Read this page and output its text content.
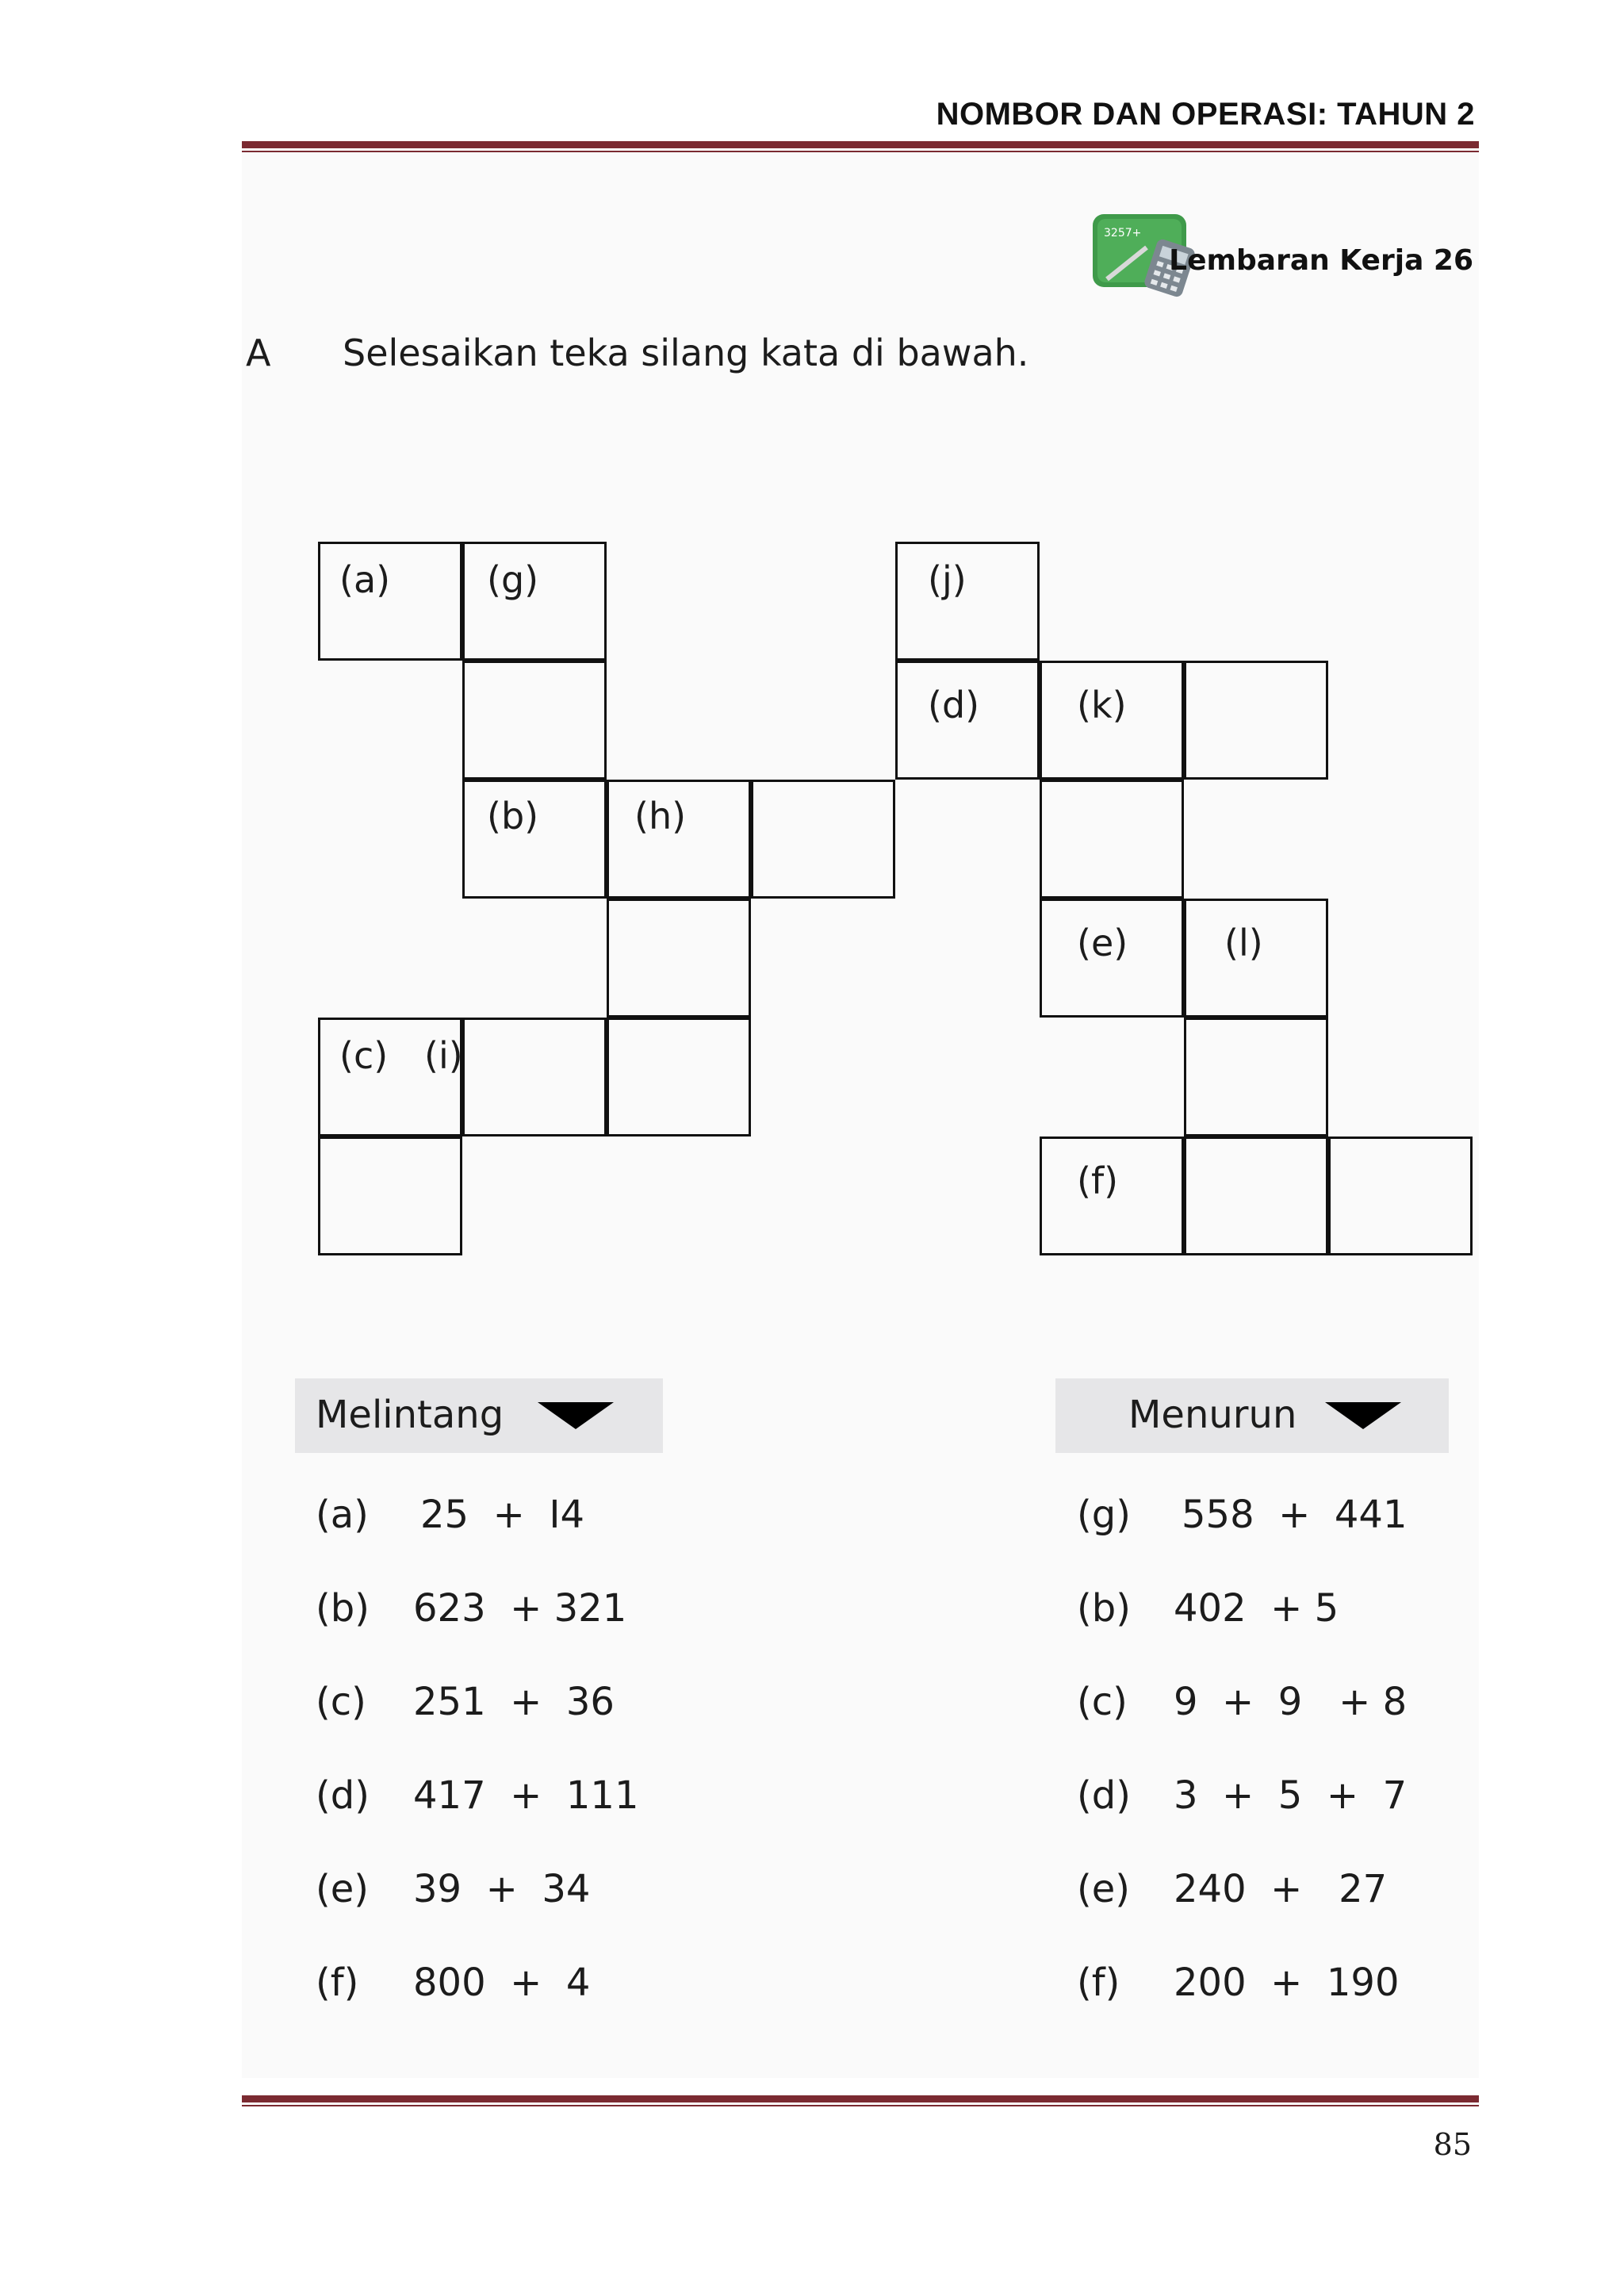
NOMBOR DAN OPERASI: TAHUN 2
3257+
Lembaran Kerja 26
A Selesaikan teka silang kata di bawah.
(a)	(g)	(j)
(d)	(k)
(b)	(h)
(e)	(l)
(c) (i)
(f)
Melintang	Menurun
(a) 25  +  I4
(b) 623  + 321
(c) 251  +  36
(d) 417  +  111
(e) 39  +  34
(f) 800  +  4
(g) 558  +  441
(b) 402  + 5
(c) 9  +  9   + 8
(d) 3  +  5  +  7
(e) 240  +   27
(f) 200  +  190
85
